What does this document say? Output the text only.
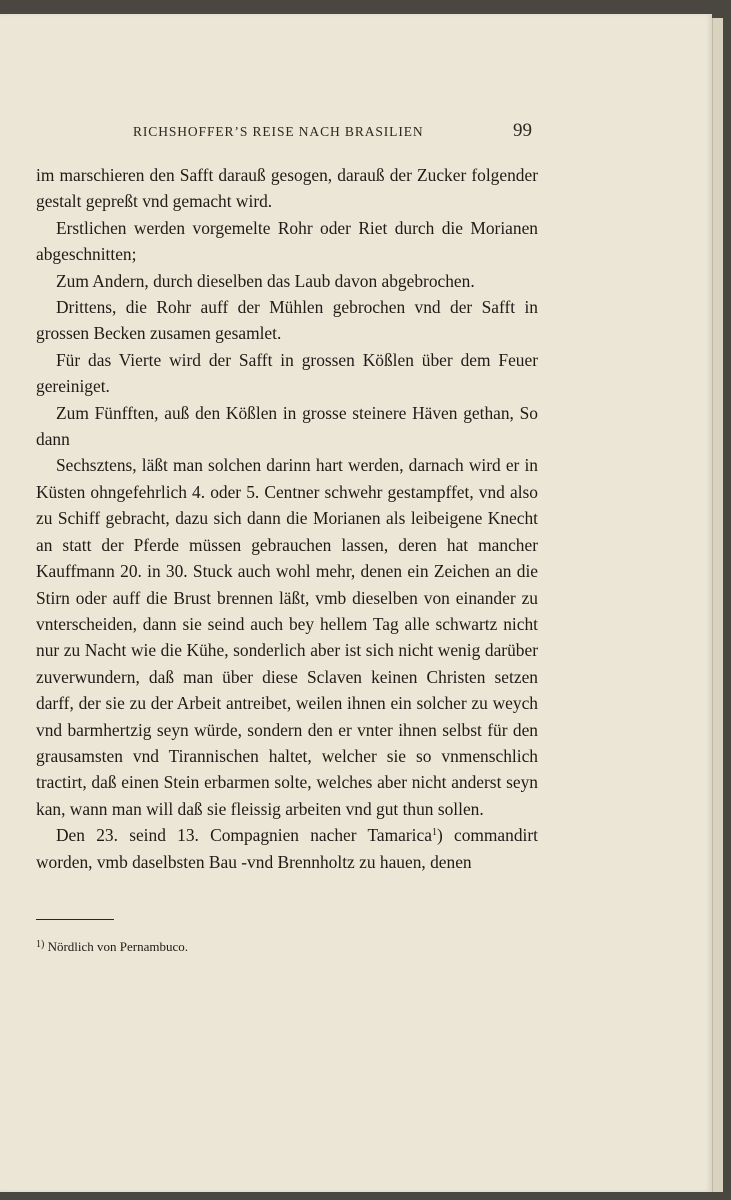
RICHSHOFFER’S REISE NACH BRASILIEN	99

im marschieren den Safft darauß gesogen, darauß der Zucker folgender gestalt gepreßt vnd gemacht wird.

Erstlichen werden vorgemelte Rohr oder Riet durch die Morianen abgeschnitten;

Zum Andern, durch dieselben das Laub davon abgebrochen.

Drittens, die Rohr auff der Mühlen gebrochen vnd der Safft in grossen Becken zusamen gesamlet.

Für das Vierte wird der Safft in grossen Kößlen über dem Feuer gereiniget.

Zum Fünfften, auß den Kößlen in grosse steinere Häven gethan, So dann

Sechsztens, läßt man solchen darinn hart werden, darnach wird er in Küsten ohngefehrlich 4. oder 5. Centner schwehr gestampffet, vnd also zu Schiff gebracht, dazu sich dann die Morianen als leibeigene Knecht an statt der Pferde müssen gebrauchen lassen, deren hat mancher Kauffmann 20. in 30. Stuck auch wohl mehr, denen ein Zeichen an die Stirn oder auff die Brust brennen läßt, vmb dieselben von einander zu vnterscheiden, dann sie seind auch bey hellem Tag alle schwartz nicht nur zu Nacht wie die Kühe, sonderlich aber ist sich nicht wenig darüber zuverwundern, daß man über diese Sclaven keinen Christen setzen darff, der sie zu der Arbeit antreibet, weilen ihnen ein solcher zu weych vnd barmhertzig seyn würde, sondern den er vnter ihnen selbst für den grausamsten vnd Tirannischen haltet, welcher sie so vnmenschlich tractirt, daß einen Stein erbarmen solte, welches aber nicht anderst seyn kan, wann man will daß sie fleissig arbeiten vnd gut thun sollen.

Den 23. seind 13. Compagnien nacher Tamarica$^1$) commandirt worden, vmb daselbsten Bau -vnd Brennholtz zu hauen, denen

$^{1)}$ Nördlich von Pernambuco.
